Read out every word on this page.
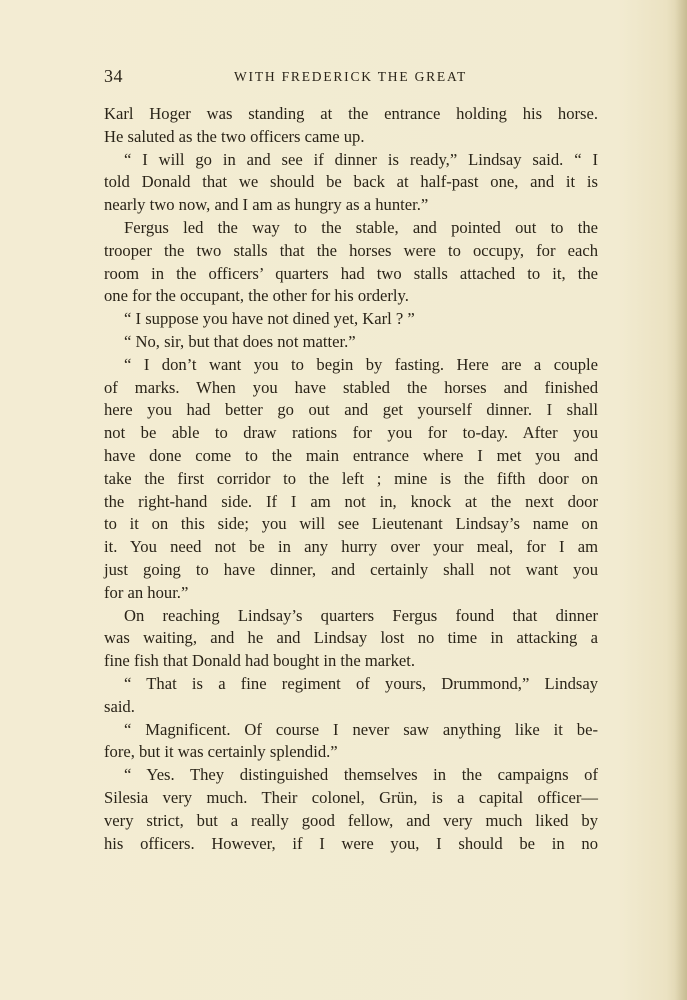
34	WITH FREDERICK THE GREAT
Karl Hoger was standing at the entrance holding his horse.
He saluted as the two officers came up.
“ I will go in and see if dinner is ready,” Lindsay said. “ I
told Donald that we should be back at half-past one, and it is
nearly two now, and I am as hungry as a hunter.”
Fergus led the way to the stable, and pointed out to the
trooper the two stalls that the horses were to occupy, for each
room in the officers’ quarters had two stalls attached to it, the
one for the occupant, the other for his orderly.
“ I suppose you have not dined yet, Karl ? ”
“ No, sir, but that does not matter.”
“ I don’t want you to begin by fasting. Here are a couple
of marks. When you have stabled the horses and finished
here you had better go out and get yourself dinner. I shall
not be able to draw rations for you for to-day. After you
have done come to the main entrance where I met you and
take the first corridor to the left ; mine is the fifth door on
the right-hand side. If I am not in, knock at the next door
to it on this side; you will see Lieutenant Lindsay’s name on
it. You need not be in any hurry over your meal, for I am
just going to have dinner, and certainly shall not want you
for an hour.”
On reaching Lindsay’s quarters Fergus found that dinner
was waiting, and he and Lindsay lost no time in attacking a
fine fish that Donald had bought in the market.
“ That is a fine regiment of yours, Drummond,” Lindsay
said.
“ Magnificent. Of course I never saw anything like it be-
fore, but it was certainly splendid.”
“ Yes. They distinguished themselves in the campaigns of
Silesia very much. Their colonel, Grün, is a capital officer—
very strict, but a really good fellow, and very much liked by
his officers. However, if I were you, I should be in no
